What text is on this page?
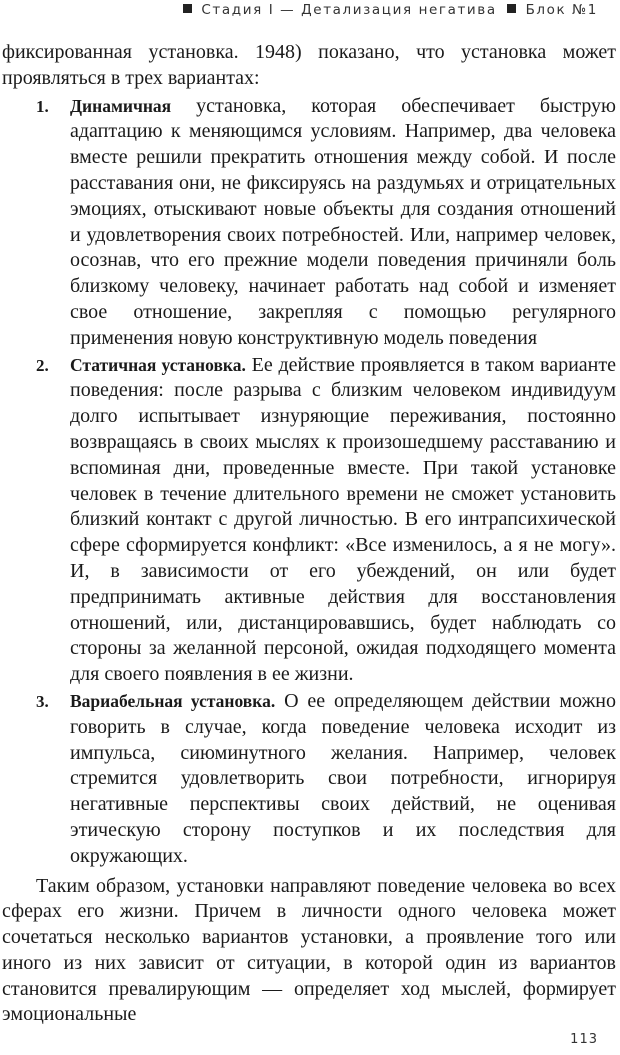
Стадия I — Детализация негатива Блок №1

фиксированная установка. 1948) показано, что установка может проявляться в трех вариантах:

1. Динамичная установка, которая обеспечивает быструю адаптацию к меняющимся условиям. Например, два человека вместе решили прекратить отношения между собой. И после расставания они, не фиксируясь на раздумьях и отрицательных эмоциях, отыскивают новые объекты для создания отношений и удовлетворения своих потребностей. Или, например человек, осознав, что его прежние модели поведения причиняли боль близкому человеку, начинает работать над собой и изменяет свое отношение, закрепляя с помощью регулярного применения новую конструктивную модель поведения
2. Статичная установка. Ее действие проявляется в таком варианте поведения: после разрыва с близким человеком индивидуум долго испытывает изнуряющие переживания, постоянно возвращаясь в своих мыслях к произошедшему расставанию и вспоминая дни, проведенные вместе. При такой установке человек в течение длительного времени не сможет установить близкий контакт с другой личностью. В его интрапсихической сфере сформируется конфликт: «Все изменилось, а я не могу». И, в зависимости от его убеждений, он или будет предпринимать активные действия для восстановления отношений, или, дистанцировавшись, будет наблюдать со стороны за желанной персоной, ожидая подходящего момента для своего появления в ее жизни.
3. Вариабельная установка. О ее определяющем действии можно говорить в случае, когда поведение человека исходит из импульса, сиюминутного желания. Например, человек стремится удовлетворить свои потребности, игнорируя негативные перспективы своих действий, не оценивая этическую сторону поступков и их последствия для окружающих.

Таким образом, установки направляют поведение человека во всех сферах его жизни. Причем в личности одного человека может сочетаться несколько вариантов установки, а проявление того или иного из них зависит от ситуации, в которой один из вариантов становится превалирующим — определяет ход мыслей, формирует эмоциональные

113
